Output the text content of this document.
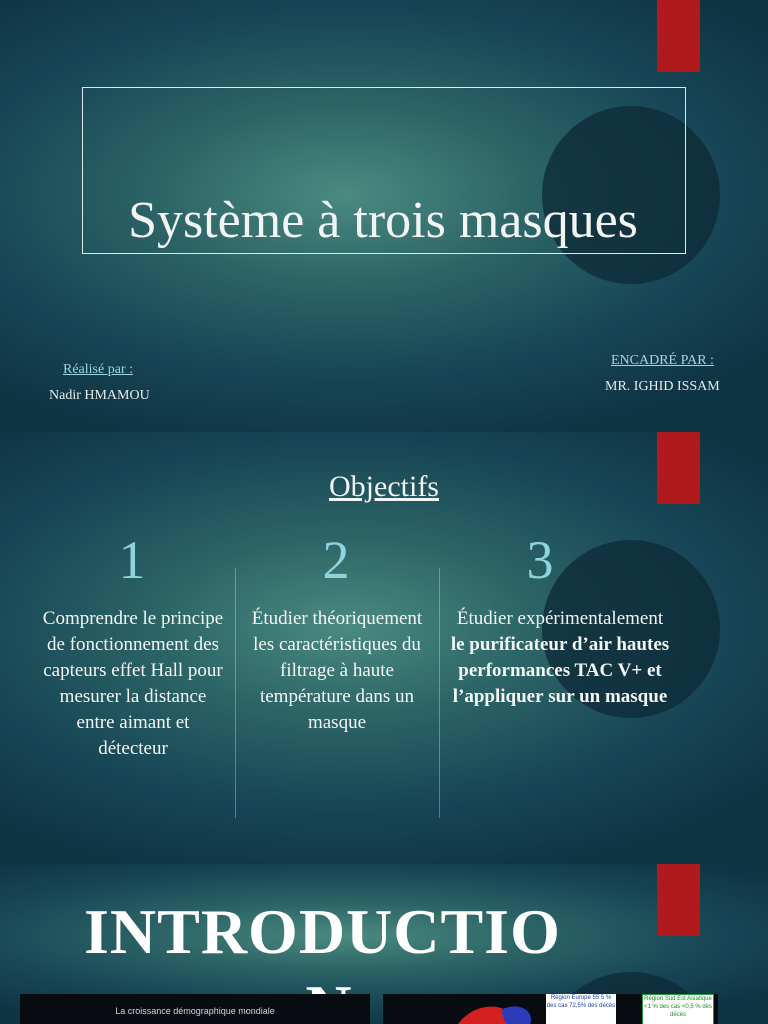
Système à trois masques
Réalisé par :
Nadir HMAMOU
ENCADRÉ PAR :
MR. IGHID ISSAM
Objectifs
1	2	3
Comprendre le principe de fonctionnement des capteurs effet Hall pour mesurer la distance entre aimant et détecteur
Étudier théoriquement les caractéristiques du filtrage à haute température dans un masque
Étudier expérimentalement le purificateur d’air hautes performances TAC V+ et l’appliquer sur un masque
INTRODUCTIO
La croissance démographique mondiale
Région Europe 55 5 % des cas 72,5% des décès
Région Sud Est Asiatique <1 % des cas <0,5 % des décès
